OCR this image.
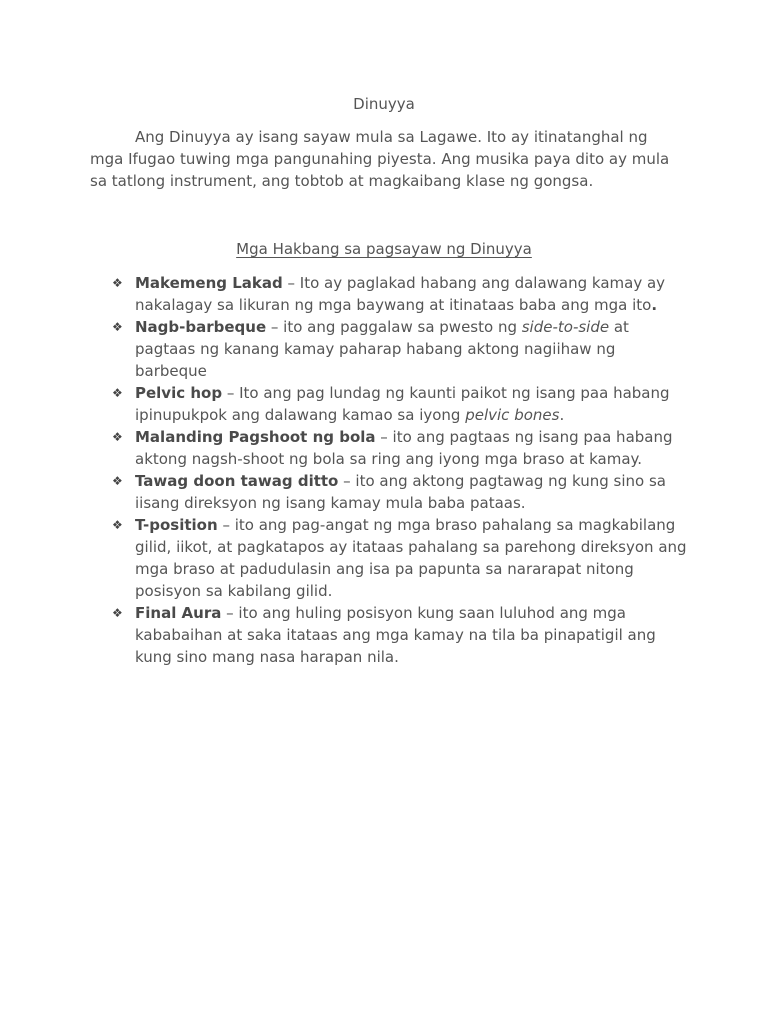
Dinuyya

Ang Dinuyya ay isang sayaw mula sa Lagawe. Ito ay itinatanghal ng mga Ifugao tuwing mga pangunahing piyesta. Ang musika paya dito ay mula sa tatlong instrument, ang tobtob at magkaibang klase ng gongsa.

Mga Hakbang sa pagsayaw ng Dinuyya
❖ Makemeng Lakad – Ito ay paglakad habang ang dalawang kamay ay nakalagay sa likuran ng mga baywang at itinataas baba ang mga ito.
❖ Nagb-barbeque – ito ang paggalaw sa pwesto ng side-to-side at pagtaas ng kanang kamay paharap habang aktong nagiihaw ng barbeque
❖ Pelvic hop – Ito ang pag lundag ng kaunti paikot ng isang paa habang ipinupukpok ang dalawang kamao sa iyong pelvic bones.
❖ Malanding Pagshoot ng bola – ito ang pagtaas ng isang paa habang aktong nagsh-shoot ng bola sa ring ang iyong mga braso at kamay.
❖ Tawag doon tawag ditto – ito ang aktong pagtawag ng kung sino sa iisang direksyon ng isang kamay mula baba pataas.
❖ T-position – ito ang pag-angat ng mga braso pahalang sa magkabilang gilid, iikot, at pagkatapos ay itataas pahalang sa parehong direksyon ang mga braso at padudulasin ang isa pa papunta sa nararapat nitong posisyon sa kabilang gilid.
❖ Final Aura – ito ang huling posisyon kung saan luluhod ang mga kababaihan at saka itataas ang mga kamay na tila ba pinapatigil ang kung sino mang nasa harapan nila.
